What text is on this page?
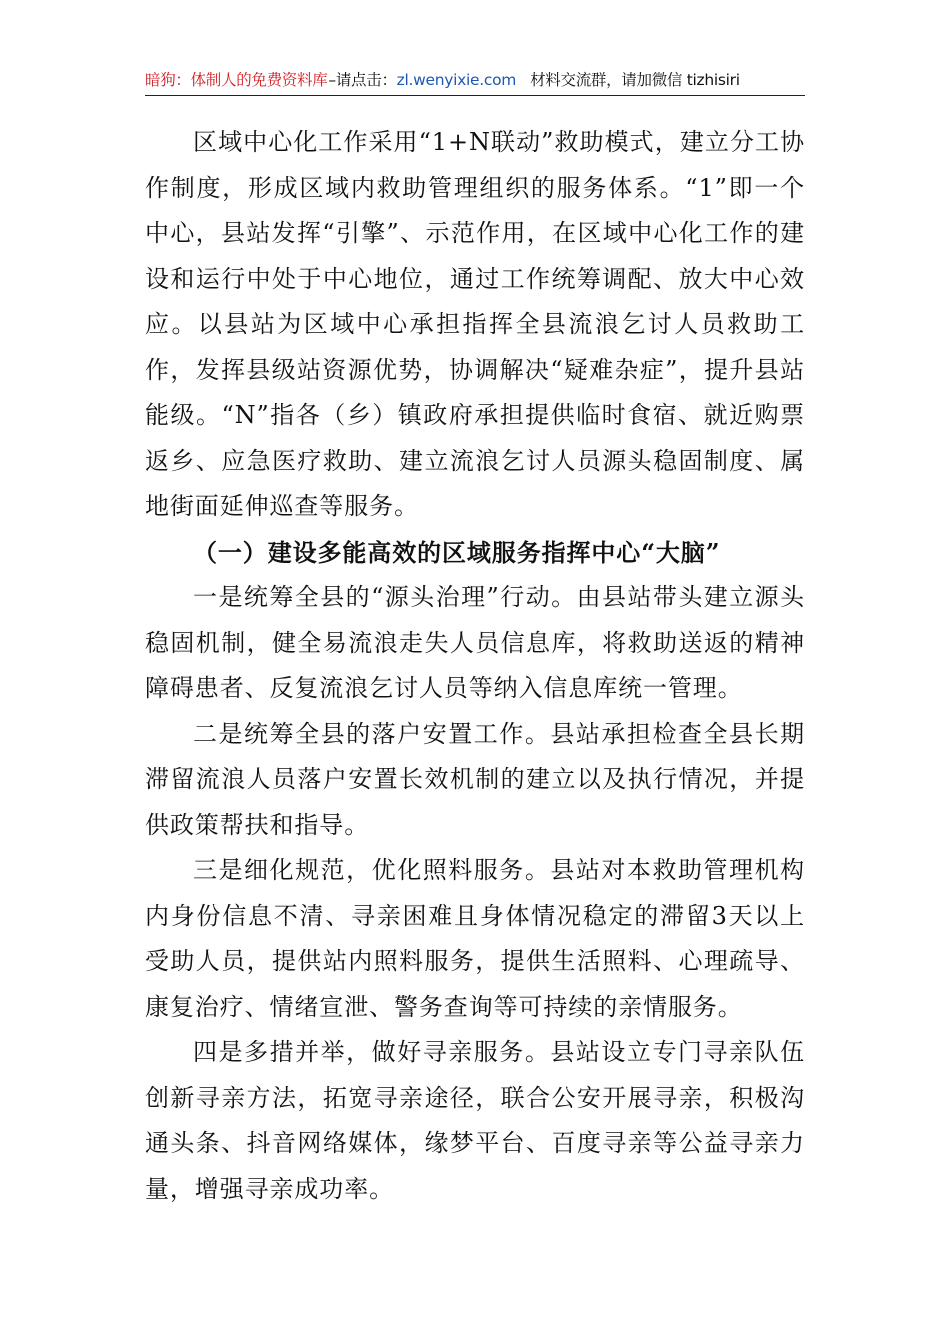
暗狗：体制人的免费资料库–请点击：zl.wenyixie.com 材料交流群，请加微信 tizhisiri

区域中心化工作采用“1+N联动”救助模式，建立分工协作制度，形成区域内救助管理组织的服务体系。“1”即一个中心，县站发挥“引擎”、示范作用，在区域中心化工作的建设和运行中处于中心地位，通过工作统筹调配、放大中心效应。以县站为区域中心承担指挥全县流浪乞讨人员救助工作，发挥县级站资源优势，协调解决“疑难杂症”，提升县站能级。“N”指各（乡）镇政府承担提供临时食宿、就近购票返乡、应急医疗救助、建立流浪乞讨人员源头稳固制度、属地街面延伸巡查等服务。

（一）建设多能高效的区域服务指挥中心“大脑”

一是统筹全县的“源头治理”行动。由县站带头建立源头稳固机制，健全易流浪走失人员信息库，将救助送返的精神障碍患者、反复流浪乞讨人员等纳入信息库统一管理。

二是统筹全县的落户安置工作。县站承担检查全县长期滞留流浪人员落户安置长效机制的建立以及执行情况，并提供政策帮扶和指导。

三是细化规范，优化照料服务。县站对本救助管理机构内身份信息不清、寻亲困难且身体情况稳定的滞留3天以上受助人员，提供站内照料服务，提供生活照料、心理疏导、康复治疗、情绪宣泄、警务查询等可持续的亲情服务。

四是多措并举，做好寻亲服务。县站设立专门寻亲队伍创新寻亲方法，拓宽寻亲途径，联合公安开展寻亲，积极沟通头条、抖音网络媒体，缘梦平台、百度寻亲等公益寻亲力量，增强寻亲成功率。
